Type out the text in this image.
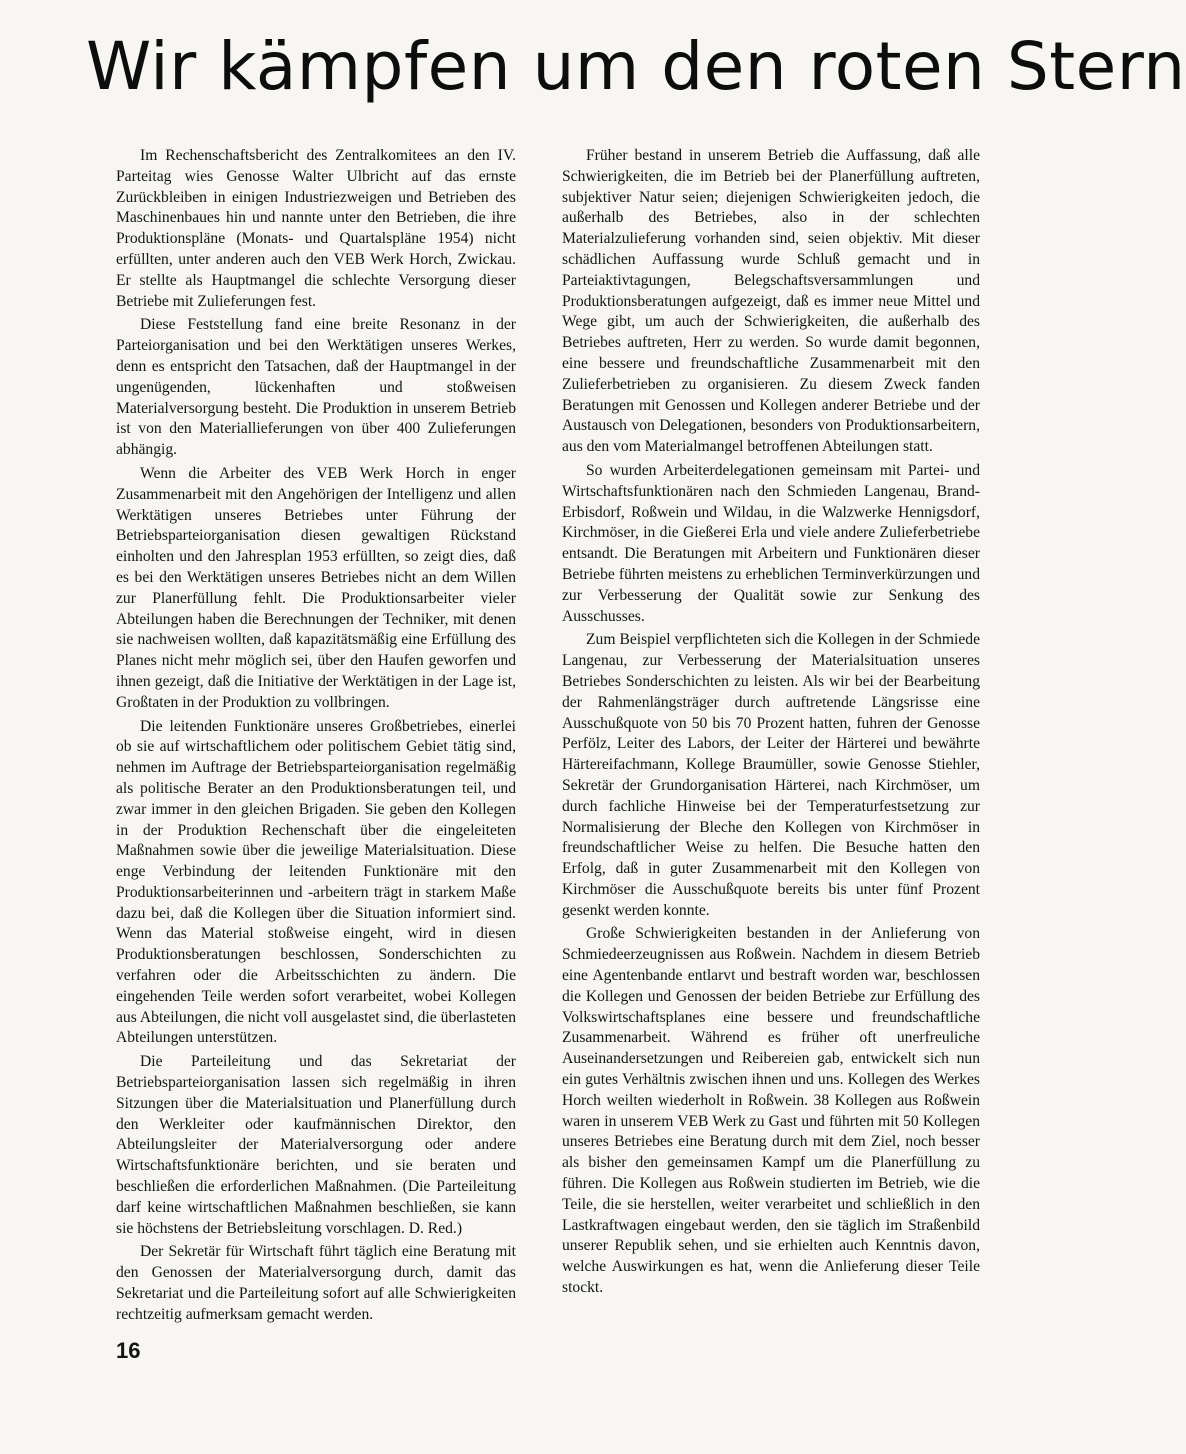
Wir kämpfen um den roten Stern

Im Rechenschaftsbericht des Zentralkomitees an den IV. Parteitag wies Genosse Walter Ulbricht auf das ernste Zurückbleiben in einigen Industriezweigen und Betrieben des Maschinenbaues hin und nannte unter den Betrieben, die ihre Produktionspläne (Monats- und Quartalspläne 1954) nicht erfüllten, unter anderen auch den VEB Werk Horch, Zwickau. Er stellte als Hauptmangel die schlechte Versorgung dieser Betriebe mit Zulieferungen fest.

Diese Feststellung fand eine breite Resonanz in der Parteiorganisation und bei den Werktätigen unseres Werkes, denn es entspricht den Tatsachen, daß der Hauptmangel in der ungenügenden, lückenhaften und stoßweisen Materialversorgung besteht. Die Produktion in unserem Betrieb ist von den Materiallieferungen von über 400 Zulieferungen abhängig.

Wenn die Arbeiter des VEB Werk Horch in enger Zusammenarbeit mit den Angehörigen der Intelligenz und allen Werktätigen unseres Betriebes unter Führung der Betriebsparteiorganisation diesen gewaltigen Rückstand einholten und den Jahresplan 1953 erfüllten, so zeigt dies, daß es bei den Werktätigen unseres Betriebes nicht an dem Willen zur Planerfüllung fehlt. Die Produktionsarbeiter vieler Abteilungen haben die Berechnungen der Techniker, mit denen sie nachweisen wollten, daß kapazitätsmäßig eine Erfüllung des Planes nicht mehr möglich sei, über den Haufen geworfen und ihnen gezeigt, daß die Initiative der Werktätigen in der Lage ist, Großtaten in der Produktion zu vollbringen.

Die leitenden Funktionäre unseres Großbetriebes, einerlei ob sie auf wirtschaftlichem oder politischem Gebiet tätig sind, nehmen im Auftrage der Betriebsparteiorganisation regelmäßig als politische Berater an den Produktionsberatungen teil, und zwar immer in den gleichen Brigaden. Sie geben den Kollegen in der Produktion Rechenschaft über die eingeleiteten Maßnahmen sowie über die jeweilige Materialsituation. Diese enge Verbindung der leitenden Funktionäre mit den Produktionsarbeiterinnen und -arbeitern trägt in starkem Maße dazu bei, daß die Kollegen über die Situation informiert sind. Wenn das Material stoßweise eingeht, wird in diesen Produktionsberatungen beschlossen, Sonderschichten zu verfahren oder die Arbeitsschichten zu ändern. Die eingehenden Teile werden sofort verarbeitet, wobei Kollegen aus Abteilungen, die nicht voll ausgelastet sind, die überlasteten Abteilungen unterstützen.

Die Parteileitung und das Sekretariat der Betriebsparteiorganisation lassen sich regelmäßig in ihren Sitzungen über die Materialsituation und Planerfüllung durch den Werkleiter oder kaufmännischen Direktor, den Abteilungsleiter der Materialversorgung oder andere Wirtschaftsfunktionäre berichten, und sie beraten und beschließen die erforderlichen Maßnahmen. (Die Parteileitung darf keine wirtschaftlichen Maßnahmen beschließen, sie kann sie höchstens der Betriebsleitung vorschlagen. D. Red.)

Der Sekretär für Wirtschaft führt täglich eine Beratung mit den Genossen der Materialversorgung durch, damit das Sekretariat und die Parteileitung sofort auf alle Schwierigkeiten rechtzeitig aufmerksam gemacht werden.

Früher bestand in unserem Betrieb die Auffassung, daß alle Schwierigkeiten, die im Betrieb bei der Planerfüllung auftreten, subjektiver Natur seien; diejenigen Schwierigkeiten jedoch, die außerhalb des Betriebes, also in der schlechten Materialzulieferung vorhanden sind, seien objektiv. Mit dieser schädlichen Auffassung wurde Schluß gemacht und in Parteiaktivtagungen, Belegschaftsversammlungen und Produktionsberatungen aufgezeigt, daß es immer neue Mittel und Wege gibt, um auch der Schwierigkeiten, die außerhalb des Betriebes auftreten, Herr zu werden. So wurde damit begonnen, eine bessere und freundschaftliche Zusammenarbeit mit den Zulieferbetrieben zu organisieren. Zu diesem Zweck fanden Beratungen mit Genossen und Kollegen anderer Betriebe und der Austausch von Delegationen, besonders von Produktionsarbeitern, aus den vom Materialmangel betroffenen Abteilungen statt.

So wurden Arbeiterdelegationen gemeinsam mit Partei- und Wirtschaftsfunktionären nach den Schmieden Langenau, Brand-Erbisdorf, Roßwein und Wildau, in die Walzwerke Hennigsdorf, Kirchmöser, in die Gießerei Erla und viele andere Zulieferbetriebe entsandt. Die Beratungen mit Arbeitern und Funktionären dieser Betriebe führten meistens zu erheblichen Terminverkürzungen und zur Verbesserung der Qualität sowie zur Senkung des Ausschusses.

Zum Beispiel verpflichteten sich die Kollegen in der Schmiede Langenau, zur Verbesserung der Materialsituation unseres Betriebes Sonderschichten zu leisten. Als wir bei der Bearbeitung der Rahmenlängsträger durch auftretende Längsrisse eine Ausschußquote von 50 bis 70 Prozent hatten, fuhren der Genosse Perfölz, Leiter des Labors, der Leiter der Härterei und bewährte Härtereifachmann, Kollege Braumüller, sowie Genosse Stiehler, Sekretär der Grundorganisation Härterei, nach Kirchmöser, um durch fachliche Hinweise bei der Temperaturfestsetzung zur Normalisierung der Bleche den Kollegen von Kirchmöser in freundschaftlicher Weise zu helfen. Die Besuche hatten den Erfolg, daß in guter Zusammenarbeit mit den Kollegen von Kirchmöser die Ausschußquote bereits bis unter fünf Prozent gesenkt werden konnte.

Große Schwierigkeiten bestanden in der Anlieferung von Schmiedeerzeugnissen aus Roßwein. Nachdem in diesem Betrieb eine Agentenbande entlarvt und bestraft worden war, beschlossen die Kollegen und Genossen der beiden Betriebe zur Erfüllung des Volkswirtschaftsplanes eine bessere und freundschaftliche Zusammenarbeit. Während es früher oft unerfreuliche Auseinandersetzungen und Reibereien gab, entwickelt sich nun ein gutes Verhältnis zwischen ihnen und uns. Kollegen des Werkes Horch weilten wiederholt in Roßwein. 38 Kollegen aus Roßwein waren in unserem VEB Werk zu Gast und führten mit 50 Kollegen unseres Betriebes eine Beratung durch mit dem Ziel, noch besser als bisher den gemeinsamen Kampf um die Planerfüllung zu führen. Die Kollegen aus Roßwein studierten im Betrieb, wie die Teile, die sie herstellen, weiter verarbeitet und schließlich in den Lastkraftwagen eingebaut werden, den sie täglich im Straßenbild unserer Republik sehen, und sie erhielten auch Kenntnis davon, welche Auswirkungen es hat, wenn die Anlieferung dieser Teile stockt.

16
